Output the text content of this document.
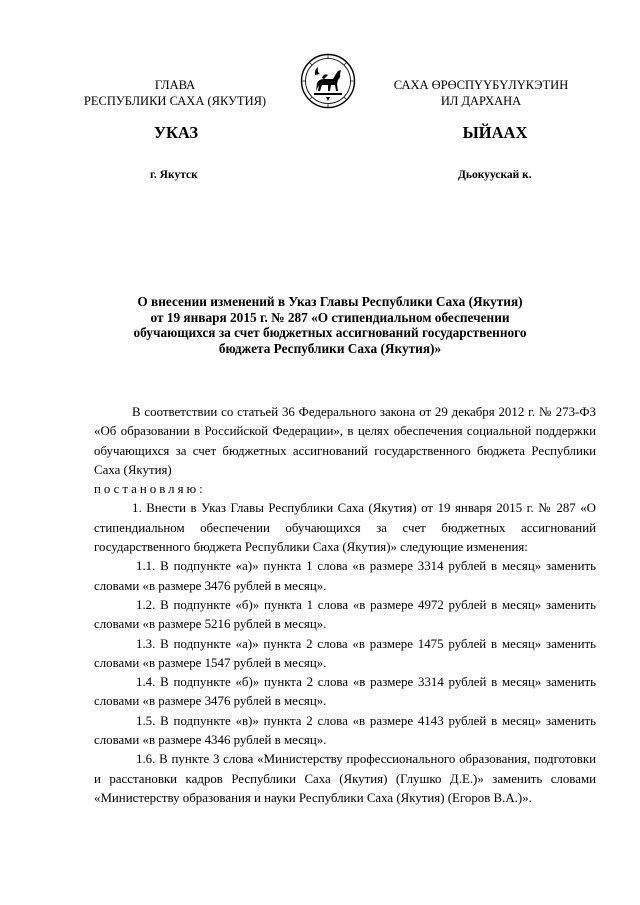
ГЛАВА
РЕСПУБЛИКИ САХА (ЯКУТИЯ)
САХА ӨРӨСПҮҮБҮЛҮКЭТИН
ИЛ ДАРХАНА
УКАЗ	ЫЙААХ
г. Якутск	Дьокуускай к.
О внесении изменений в Указ Главы Республики Саха (Якутия)
от 19 января 2015 г. № 287 «О стипендиальном обеспечении
обучающихся за счет бюджетных ассигнований государственного
бюджета Республики Саха (Якутия)»

В соответствии со статьей 36 Федерального закона от 29 декабря 2012 г. № 273-ФЗ «Об образовании в Российской Федерации», в целях обеспечения социальной поддержки обучающихся за счет бюджетных ассигнований государственного бюджета Республики Саха (Якутия)

постановляю:

1. Внести в Указ Главы Республики Саха (Якутия) от 19 января 2015 г. № 287 «О стипендиальном обеспечении обучающихся за счет бюджетных ассигнований государственного бюджета Республики Саха (Якутия)» следующие изменения:

1.1. В подпункте «а)» пункта 1 слова «в размере 3314 рублей в месяц» заменить словами «в размере 3476 рублей в месяц».

1.2. В подпункте «б)» пункта 1 слова «в размере 4972 рублей в месяц» заменить словами «в размере 5216 рублей в месяц».

1.3. В подпункте «а)» пункта 2 слова «в размере 1475 рублей в месяц» заменить словами «в размере 1547 рублей в месяц».

1.4. В подпункте «б)» пункта 2 слова «в размере 3314 рублей в месяц» заменить словами «в размере 3476 рублей в месяц».

1.5. В подпункте «в)» пункта 2 слова «в размере 4143 рублей в месяц» заменить словами «в размере 4346 рублей в месяц».

1.6. В пункте 3 слова «Министерству профессионального образования, подготовки и расстановки кадров Республики Саха (Якутия) (Глушко Д.Е.)» заменить словами «Министерству образования и науки Республики Саха (Якутия) (Егоров В.А.)».
